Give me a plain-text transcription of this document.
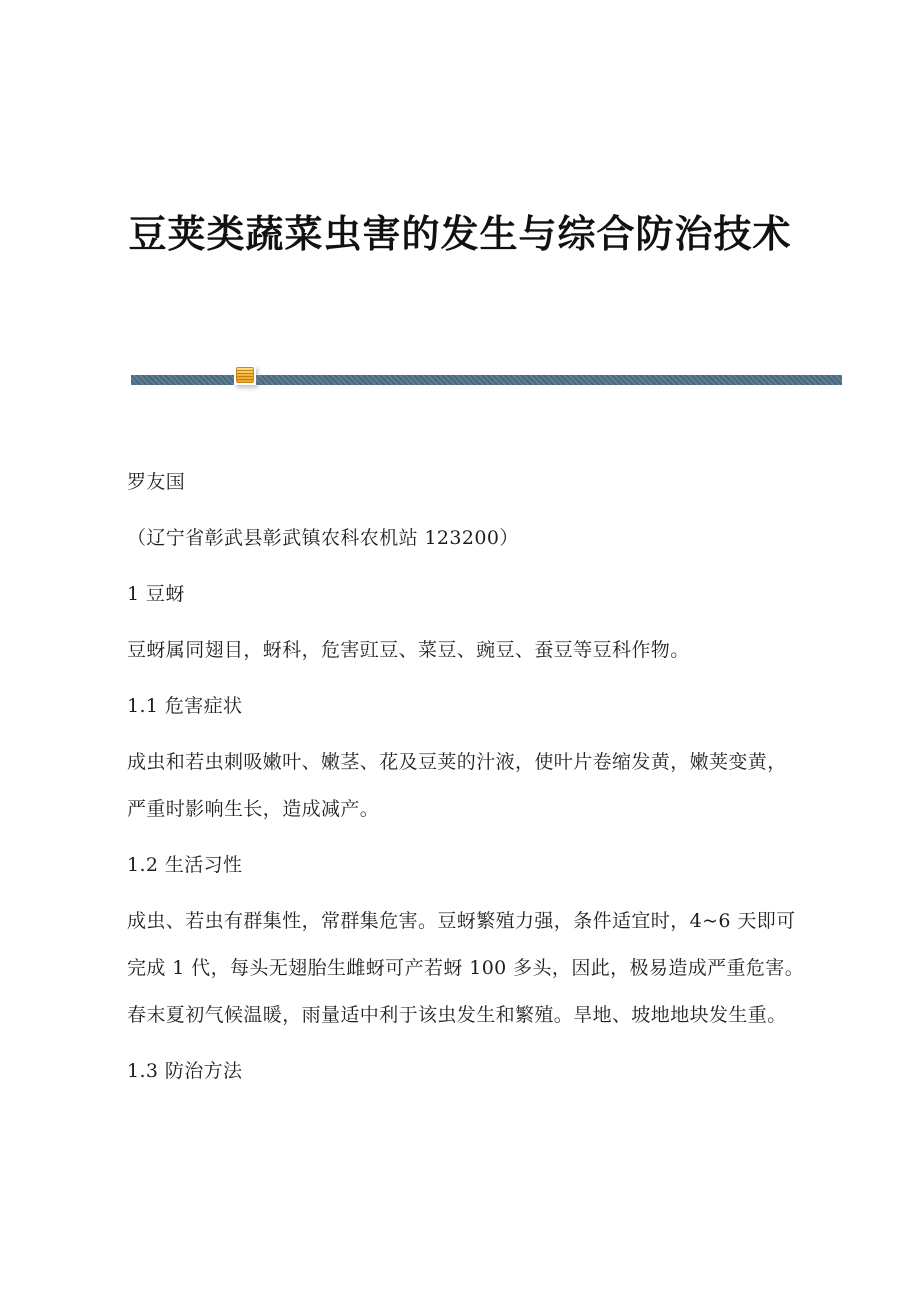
豆荚类蔬菜虫害的发生与综合防治技术

罗友国

（辽宁省彰武县彰武镇农科农机站 123200）

1 豆蚜

豆蚜属同翅目，蚜科，危害豇豆、菜豆、豌豆、蚕豆等豆科作物。

1.1 危害症状

成虫和若虫刺吸嫩叶、嫩茎、花及豆荚的汁液，使叶片卷缩发黄，嫩荚变黄，
严重时影响生长，造成减产。

1.2 生活习性

成虫、若虫有群集性，常群集危害。豆蚜繁殖力强，条件适宜时，4~6 天即可
完成 1 代，每头无翅胎生雌蚜可产若蚜 100 多头，因此，极易造成严重危害。
春末夏初气候温暖，雨量适中利于该虫发生和繁殖。旱地、坡地地块发生重。

1.3 防治方法
